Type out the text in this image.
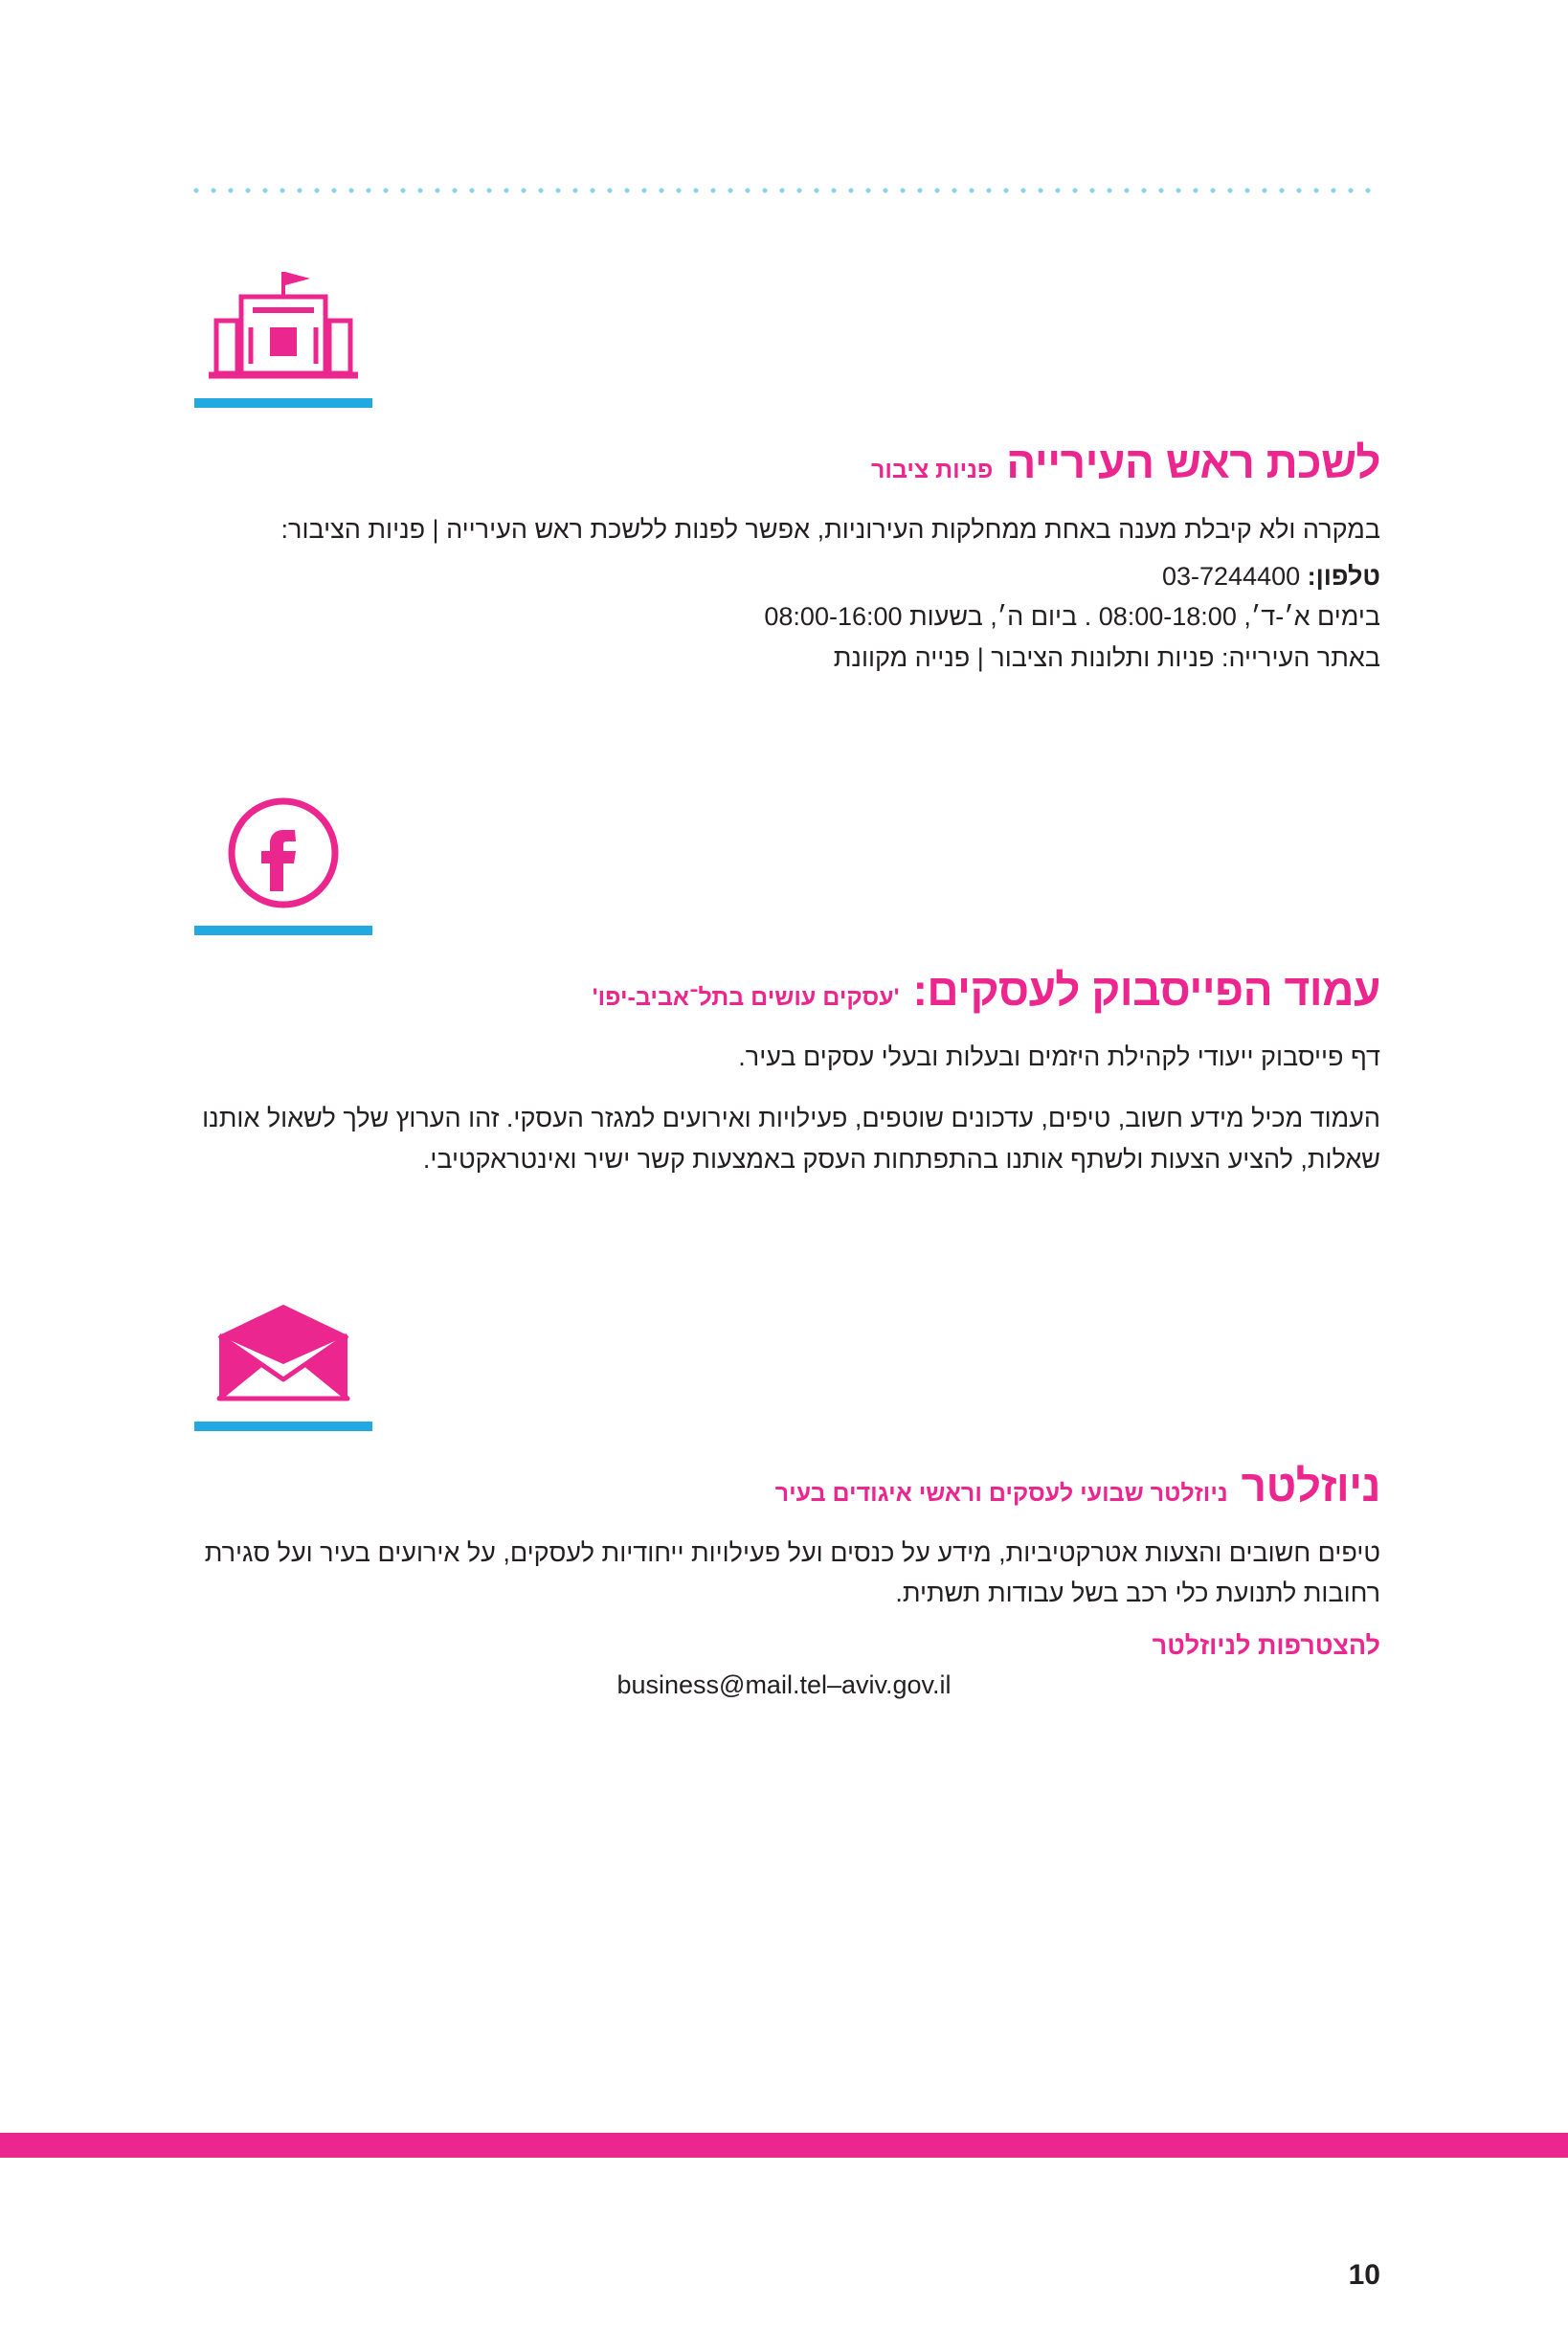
לשכת ראש העירייה
פניות ציבור

במקרה ולא קיבלת מענה באחת ממחלקות העירוניות, אפשר לפנות ללשכת ראש העירייה | פניות הציבור:

טלפון: 03-7244400

בימים א׳-ד׳, 08:00-18:00 . ביום ה׳, בשעות 08:00-16:00

באתר העירייה: פניות ותלונות הציבור | פנייה מקוונת

עמוד הפייסבוק לעסקים:
'עסקים עושים בתל־אביב-יפו'

דף פייסבוק ייעודי לקהילת היזמים ובעלות ובעלי עסקים בעיר.

העמוד מכיל מידע חשוב, טיפים, עדכונים שוטפים, פעילויות ואירועים למגזר העסקי. זהו הערוץ שלך לשאול אותנו שאלות, להציע הצעות ולשתף אותנו בהתפתחות העסק באמצעות קשר ישיר ואינטראקטיבי.

ניוזלטר
ניוזלטר שבועי לעסקים וראשי איגודים בעיר

טיפים חשובים והצעות אטרקטיביות, מידע על כנסים ועל פעילויות ייחודיות לעסקים, על אירועים בעיר ועל סגירת רחובות לתנועת כלי רכב בשל עבודות תשתית.

להצטרפות לניוזלטר
business@mail.tel–aviv.gov.il
10
